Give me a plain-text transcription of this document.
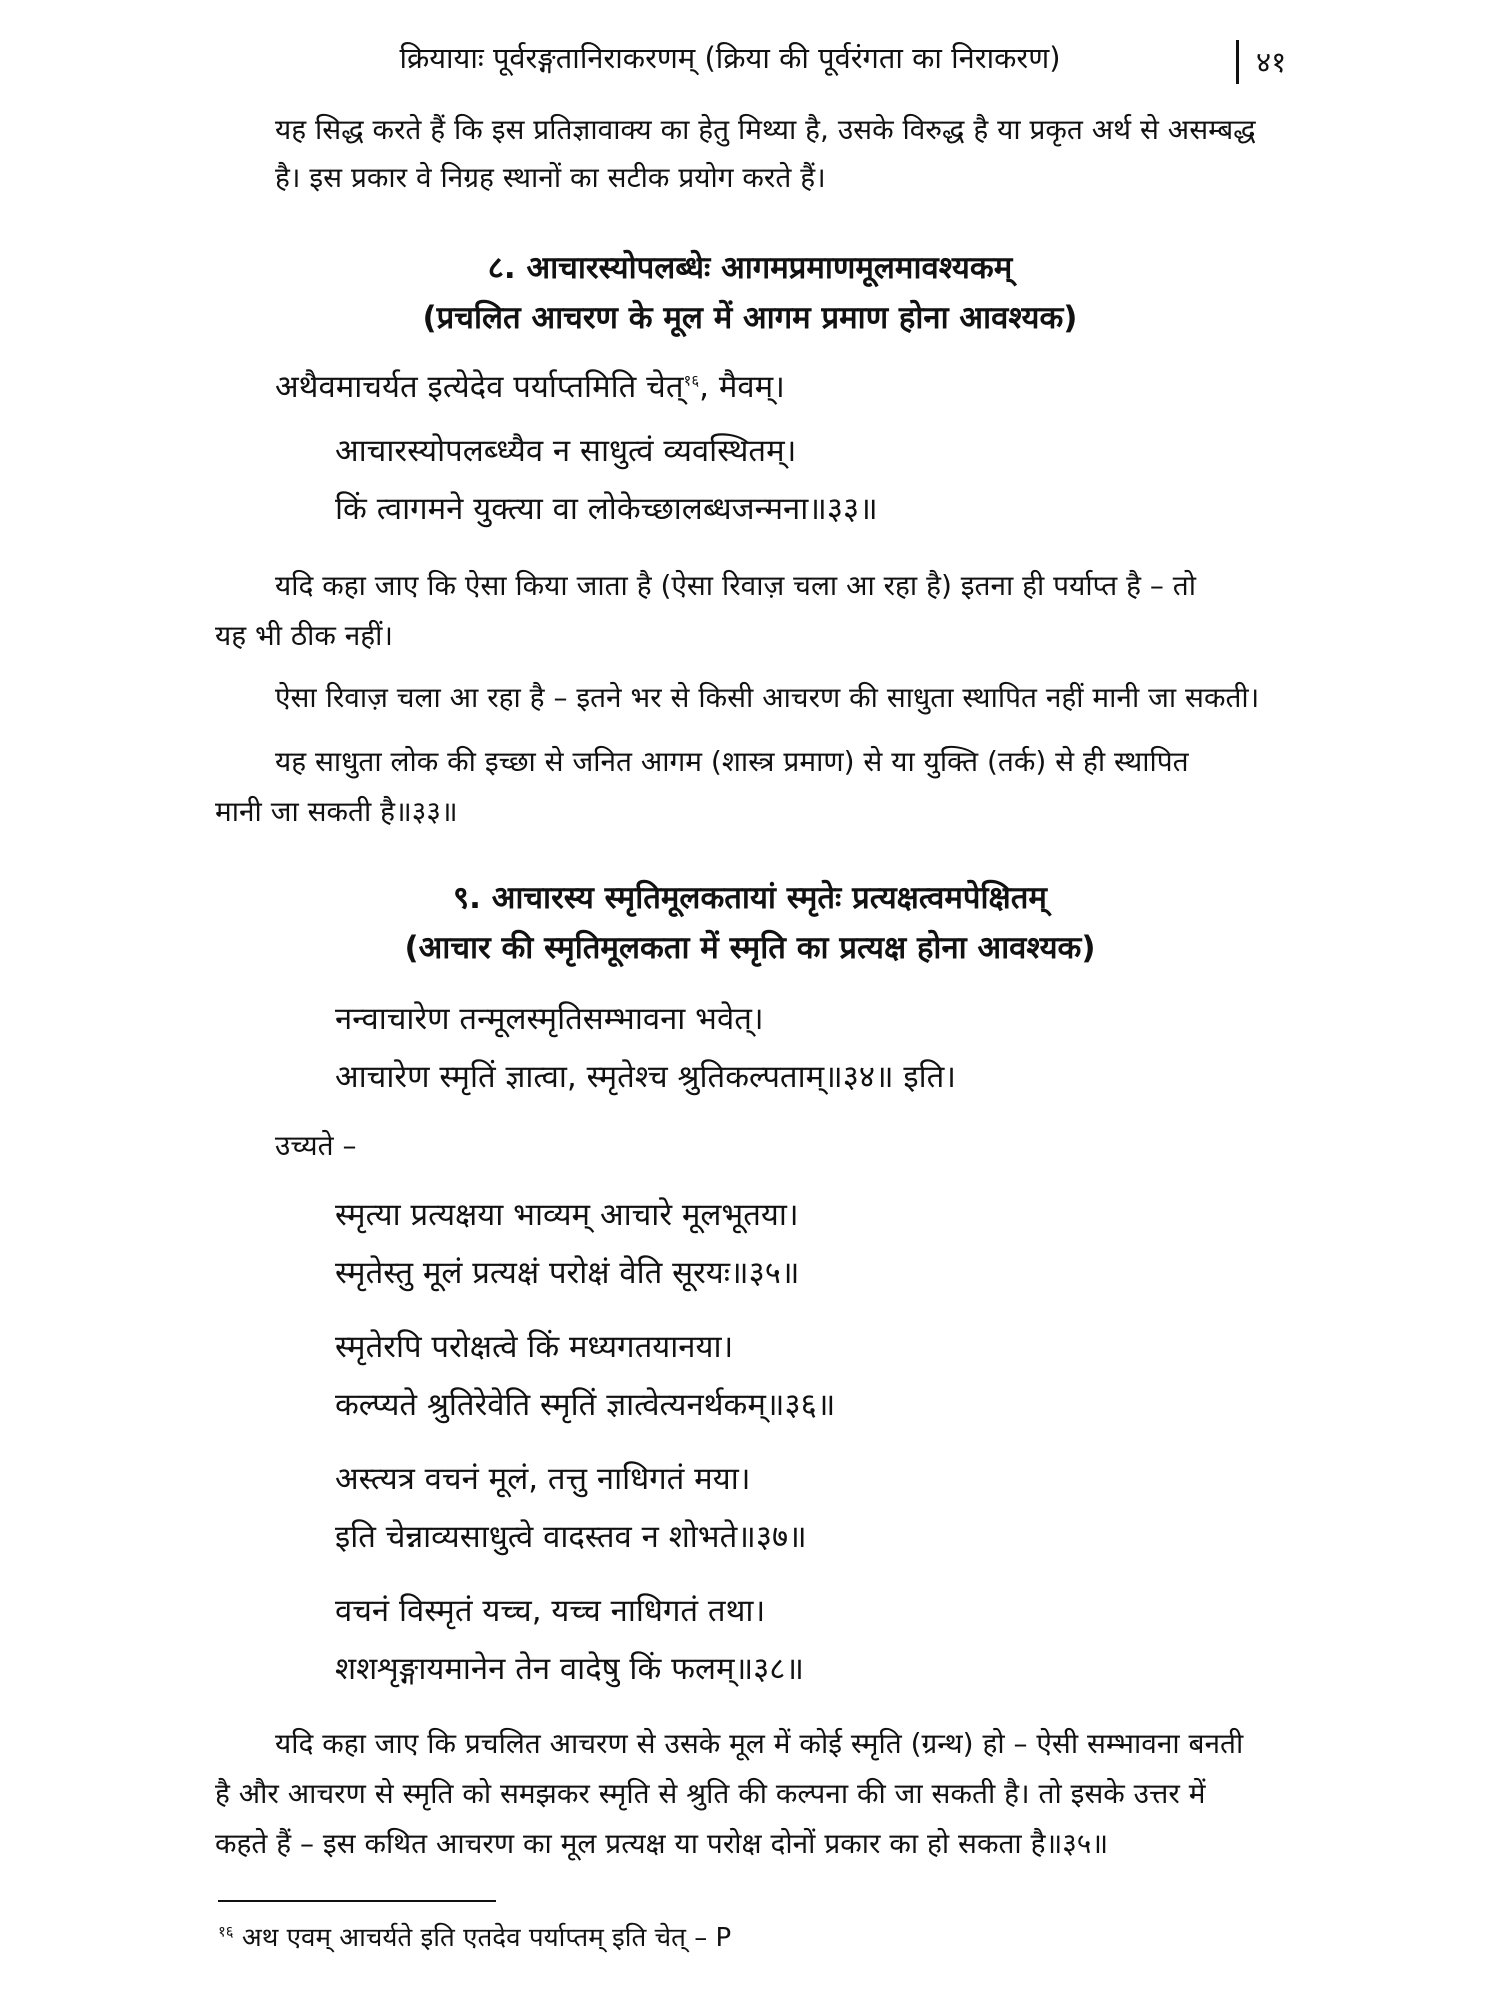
क्रियायाः पूर्वरङ्गतानिराकरणम् (क्रिया की पूर्वरंगता का निराकरण)	४१

यह सिद्ध करते हैं कि इस प्रतिज्ञावाक्य का हेतु मिथ्या है, उसके विरुद्ध है या प्रकृत अर्थ से असम्बद्ध

है। इस प्रकार वे निग्रह स्थानों का सटीक प्रयोग करते हैं।

८. आचारस्योपलब्धेः आगमप्रमाणमूलमावश्यकम्
(प्रचलित आचरण के मूल में आगम प्रमाण होना आवश्यक)

अथैवमाचर्यत इत्येदेव पर्याप्तमिति चेत्$^{१६}$, मैवम्।

आचारस्योपलब्ध्यैव न साधुत्वं व्यवस्थितम्।

किं त्वागमने युक्त्या वा लोकेच्छालब्धजन्मना॥३३॥

यदि कहा जाए कि ऐसा किया जाता है (ऐसा रिवाज़ चला आ रहा है) इतना ही पर्याप्त है – तो

यह भी ठीक नहीं।

ऐसा रिवाज़ चला आ रहा है – इतने भर से किसी आचरण की साधुता स्थापित नहीं मानी जा सकती।

यह साधुता लोक की इच्छा से जनित आगम (शास्त्र प्रमाण) से या युक्ति (तर्क) से ही स्थापित

मानी जा सकती है॥३३॥

९. आचारस्य स्मृतिमूलकतायां स्मृतेः प्रत्यक्षत्वमपेक्षितम्
(आचार की स्मृतिमूलकता में स्मृति का प्रत्यक्ष होना आवश्यक)

नन्वाचारेण तन्मूलस्मृतिसम्भावना भवेत्।

आचारेण स्मृतिं ज्ञात्वा, स्मृतेश्च श्रुतिकल्पताम्॥३४॥ इति।

उच्यते –

स्मृत्या प्रत्यक्षया भाव्यम् आचारे मूलभूतया।

स्मृतेस्तु मूलं प्रत्यक्षं परोक्षं वेति सूरयः॥३५॥

स्मृतेरपि परोक्षत्वे किं मध्यगतयानया।

कल्प्यते श्रुतिरेवेति स्मृतिं ज्ञात्वेत्यनर्थकम्॥३६॥

अस्त्यत्र वचनं मूलं, तत्तु नाधिगतं मया।

इति चेन्नाव्यसाधुत्वे वादस्तव न शोभते॥३७॥

वचनं विस्मृतं यच्च, यच्च नाधिगतं तथा।

शशशृङ्गायमानेन तेन वादेषु किं फलम्॥३८॥

यदि कहा जाए कि प्रचलित आचरण से उसके मूल में कोई स्मृति (ग्रन्थ) हो – ऐसी सम्भावना बनती

है और आचरण से स्मृति को समझकर स्मृति से श्रुति की कल्पना की जा सकती है। तो इसके उत्तर में

कहते हैं – इस कथित आचरण का मूल प्रत्यक्ष या परोक्ष दोनों प्रकार का हो सकता है॥३५॥

$^{१६}$ अथ एवम् आचर्यते इति एतदेव पर्याप्तम् इति चेत् – P
